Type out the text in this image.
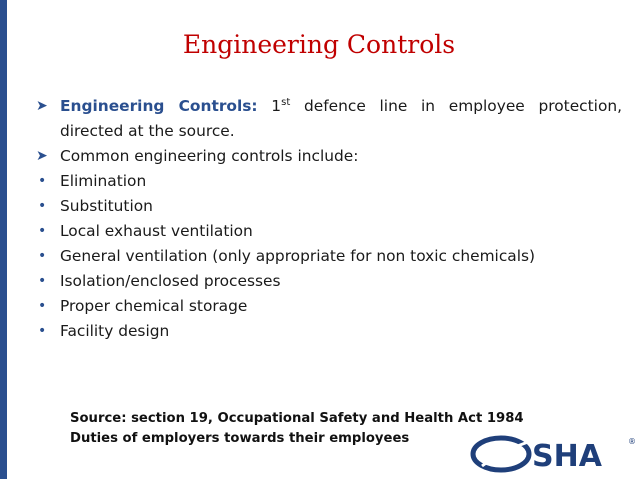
Engineering Controls
➤ Engineering Controls: 1st defence line in employee protection, directed at the source.
➤ Common engineering controls include:
• Elimination
• Substitution
• Local exhaust ventilation
• General ventilation (only appropriate for non toxic chemicals)
• Isolation/enclosed processes
• Proper chemical storage
• Facility design
Source: section 19, Occupational Safety and Health Act 1984
Duties of employers towards their employees
SHA	®
